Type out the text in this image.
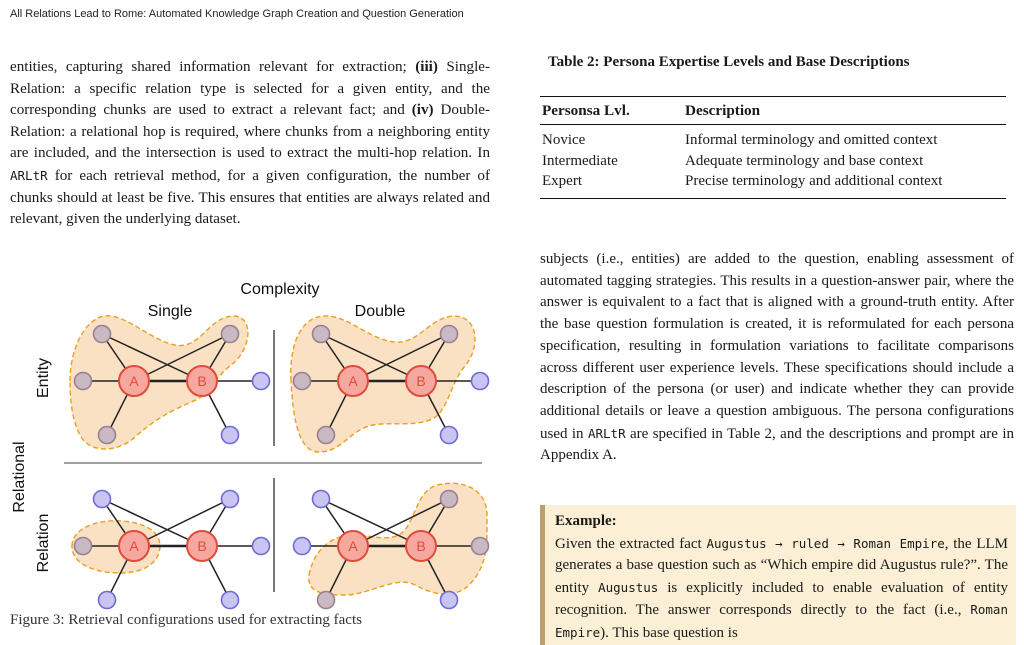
All Relations Lead to Rome: Automated Knowledge Graph Creation and Question Generation

entities, capturing shared information relevant for extraction; (iii) Single-Relation: a specific relation type is selected for a given entity, and the corresponding chunks are used to extract a relevant fact; and (iv) Double-Relation: a relational hop is required, where chunks from a neighboring entity are included, and the intersection is used to extract the multi-hop relation. In ARLtR for each retrieval method, for a given configuration, the number of chunks should at least be five. This ensures that entities are always related and relevant, given the underlying dataset.

Complexity
Single	Double
Relational
Entity
Relation
A	B	A	B
A	B	A	B
Figure 3: Retrieval configurations used for extracting facts
Table 2: Persona Expertise Levels and Base Descriptions
Personsa Lvl.	Description
Novice	Informal terminology and omitted context
Intermediate	Adequate terminology and base context
Expert	Precise terminology and additional context

subjects (i.e., entities) are added to the question, enabling assessment of automated tagging strategies. This results in a question-answer pair, where the answer is equivalent to a fact that is aligned with a ground-truth entity. After the base question formulation is created, it is reformulated for each persona specification, resulting in formulation variations to facilitate comparisons across different user experience levels. These specifications should include a description of the persona (or user) and indicate whether they can provide additional details or leave a question ambiguous. The persona configurations used in ARLtR are specified in Table 2, and the descriptions and prompt are in Appendix A.

Example:

Given the extracted fact Augustus → ruled → Roman Empire, the LLM generates a base question such as “Which empire did Augustus rule?”. The entity Augustus is explicitly included to enable evaluation of entity recognition. The answer corresponds directly to the fact (i.e., Roman Empire). This base question is
